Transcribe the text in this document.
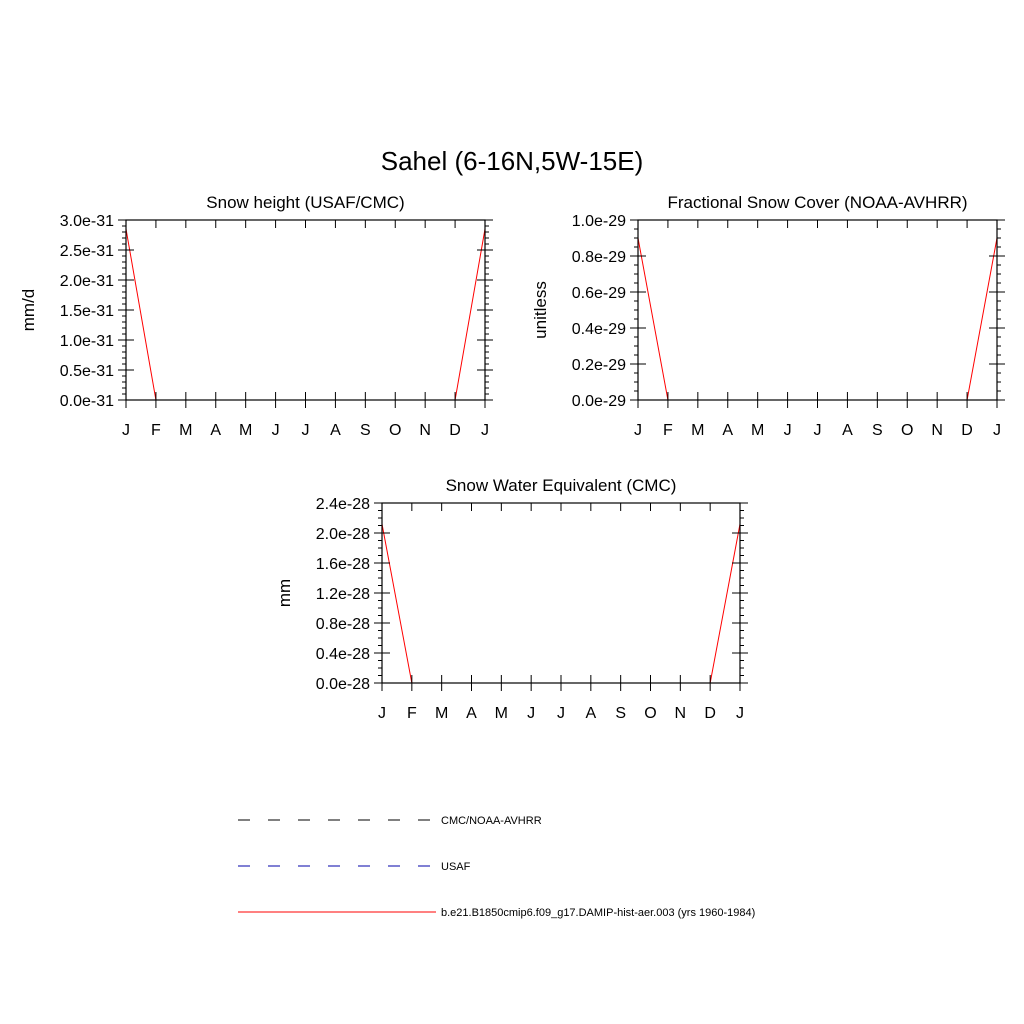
Sahel (6-16N,5W-15E)
Snow height (USAF/CMC)
mm/d
J F M A M J J A S O N D J
0.0e-31
0.5e-31
1.0e-31
1.5e-31
2.0e-31
2.5e-31
3.0e-31
Fractional Snow Cover (NOAA-AVHRR)
unitless
J F M A M J J A S O N D J
0.0e-29
0.2e-29
0.4e-29
0.6e-29
0.8e-29
1.0e-29
Snow Water Equivalent (CMC)
mm
J F M A M J J A S O N D J
0.0e-28
0.4e-28
0.8e-28
1.2e-28
1.6e-28
2.0e-28
2.4e-28
CMC/NOAA-AVHRR
USAF
b.e21.B1850cmip6.f09_g17.DAMIP-hist-aer.003 (yrs 1960-1984)
